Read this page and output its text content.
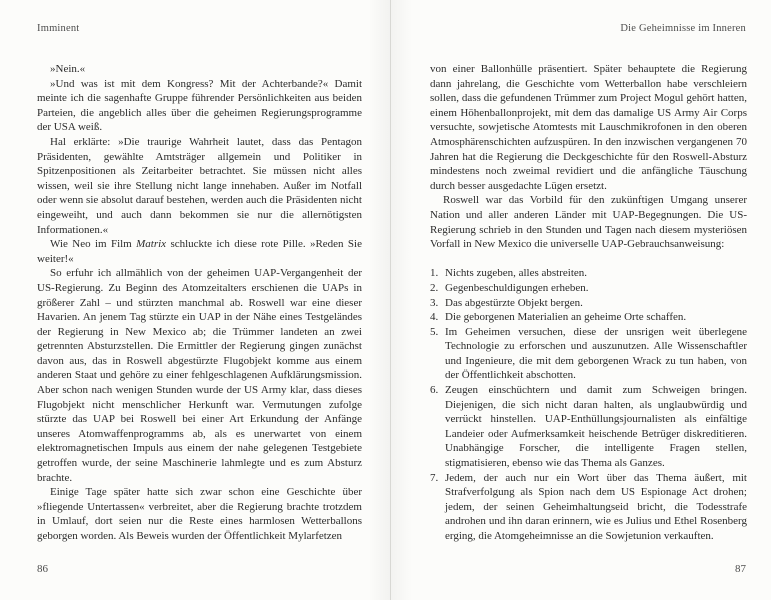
Imminent	Die Geheimnisse im Inneren

»Nein.«

»Und was ist mit dem Kongress? Mit der Achterbande?« Damit meinte ich die sagenhafte Gruppe führender Persönlichkeiten aus beiden Parteien, die angeblich alles über die geheimen Regierungsprogramme der USA weiß.

Hal erklärte: »Die traurige Wahrheit lautet, dass das Pentagon Präsidenten, gewählte Amtsträger allgemein und Politiker in Spitzenpositionen als Zeitarbeiter betrachtet. Sie müssen nicht alles wissen, weil sie ihre Stellung nicht lange innehaben. Außer im Notfall oder wenn sie absolut darauf bestehen, werden auch die Präsidenten nicht eingeweiht, und auch dann bekommen sie nur die allernötigsten Informationen.«

Wie Neo im Film Matrix schluckte ich diese rote Pille. »Reden Sie weiter!«

So erfuhr ich allmählich von der geheimen UAP-Vergangenheit der US-Regierung. Zu Beginn des Atomzeitalters erschienen die UAPs in größerer Zahl – und stürzten manchmal ab. Roswell war eine dieser Havarien. An jenem Tag stürzte ein UAP in der Nähe eines Testgeländes der Regierung in New Mexico ab; die Trümmer landeten an zwei getrennten Absturzstellen. Die Ermittler der Regierung gingen zunächst davon aus, das in Roswell abgestürzte Flugobjekt komme aus einem anderen Staat und gehöre zu einer fehlgeschlagenen Aufklärungsmission. Aber schon nach wenigen Stunden wurde der US Army klar, dass dieses Flugobjekt nicht menschlicher Herkunft war. Vermutungen zufolge stürzte das UAP bei Roswell bei einer Art Erkundung der Anfänge unseres Atomwaffenprogramms ab, als es unerwartet von einem elektromagnetischen Impuls aus einem der nahe gelegenen Testgebiete getroffen wurde, der seine Maschinerie lahmlegte und es zum Absturz brachte.

Einige Tage später hatte sich zwar schon eine Geschichte über »fliegende Untertassen« verbreitet, aber die Regierung brachte trotzdem in Umlauf, dort seien nur die Reste eines harmlosen Wetterballons geborgen worden. Als Beweis wurden der Öffentlichkeit Mylarfetzen

von einer Ballonhülle präsentiert. Später behauptete die Regierung dann jahrelang, die Geschichte vom Wetterballon habe verschleiern sollen, dass die gefundenen Trümmer zum Project Mogul gehört hatten, einem Höhenballonprojekt, mit dem das damalige US Army Air Corps versuchte, sowjetische Atomtests mit Lauschmikrofonen in den oberen Atmosphärenschichten aufzuspüren. In den inzwischen vergangenen 70 Jahren hat die Regierung die Deckgeschichte für den Roswell-Absturz mindestens noch zweimal revidiert und die anfängliche Täuschung durch besser ausgedachte Lügen ersetzt.

Roswell war das Vorbild für den zukünftigen Umgang unserer Nation und aller anderen Länder mit UAP-Begegnungen. Die US-Regierung schrieb in den Stunden und Tagen nach diesem mysteriösen Vorfall in New Mexico die universelle UAP-Gebrauchsanweisung:

1. Nichts zugeben, alles abstreiten.
2. Gegenbeschuldigungen erheben.
3. Das abgestürzte Objekt bergen.
4. Die geborgenen Materialien an geheime Orte schaffen.
5. Im Geheimen versuchen, diese der unsrigen weit überlegene Technologie zu erforschen und auszunutzen. Alle Wissenschaftler und Ingenieure, die mit dem geborgenen Wrack zu tun haben, von der Öffentlichkeit abschotten.
6. Zeugen einschüchtern und damit zum Schweigen bringen. Diejenigen, die sich nicht daran halten, als unglaubwürdig und verrückt hinstellen. UAP-Enthüllungsjournalisten als einfältige Landeier oder Aufmerksamkeit heischende Betrüger diskreditieren. Unabhängige Forscher, die intelligente Fragen stellen, stigmatisieren, ebenso wie das Thema als Ganzes.
7. Jedem, der auch nur ein Wort über das Thema äußert, mit Strafverfolgung als Spion nach dem US Espionage Act drohen; jedem, der seinen Geheimhaltungseid bricht, die Todesstrafe androhen und ihn daran erinnern, wie es Julius und Ethel Rosenberg erging, die Atomgeheimnisse an die Sowjetunion verkauften.
86	87
